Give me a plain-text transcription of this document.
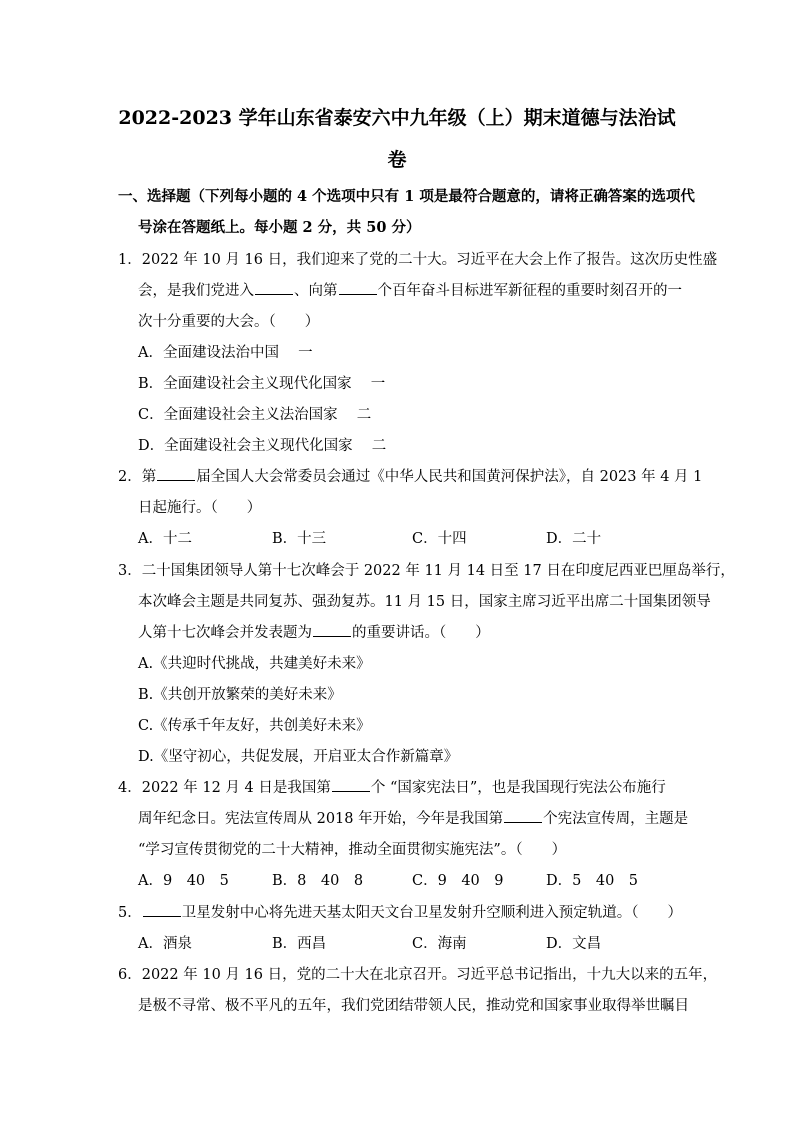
2022-2023 学年山东省泰安六中九年级（上）期末道德与法治试
卷
一、选择题（下列每小题的 4 个选项中只有 1 项是最符合题意的，请将正确答案的选项代
号涂在答题纸上。每小题 2 分，共 50 分）
1．2022 年 10 月 16 日，我们迎来了党的二十大。习近平在大会上作了报告。这次历史性盛
会，是我们党进入	、向第	个百年奋斗目标进军新征程的重要时刻召开的一
次十分重要的大会。（　　）
A．全面建设法治中国　 一
B．全面建设社会主义现代化国家　 一
C．全面建设社会主义法治国家　 二
D．全面建设社会主义现代化国家　 二
2．第	届全国人大会常委员会通过《中华人民共和国黄河保护法》，自 2023 年 4 月 1
日起施行。（　　）
A．十二	B．十三	C．十四	D．二十
3．二十国集团领导人第十七次峰会于 2022 年 11 月 14 日至 17 日在印度尼西亚巴厘岛举行，
本次峰会主题是共同复苏、强劲复苏。11 月 15 日，国家主席习近平出席二十国集团领导
人第十七次峰会并发表题为	的重要讲话。（　　）
A.《共迎时代挑战，共建美好未来》
B.《共创开放繁荣的美好未来》
C.《传承千年友好，共创美好未来》
D.《坚守初心，共促发展，开启亚太合作新篇章》
4．2022 年 12 月 4 日是我国第	个 “国家宪法日”，也是我国现行宪法公布施行
周年纪念日。宪法宣传周从 2018 年开始，今年是我国第	个宪法宣传周，主题是
“学习宣传贯彻党的二十大精神，推动全面贯彻实施宪法”。（　　）
A．9　40　5	B．8　40　8	C．9　40　9	D．5　40　5
5．	卫星发射中心将先进天基太阳天文台卫星发射升空顺利进入预定轨道。（　　）
A．酒泉	B．西昌	C．海南	D．文昌
6．2022 年 10 月 16 日，党的二十大在北京召开。习近平总书记指出，十九大以来的五年，
是极不寻常、极不平凡的五年，我们党团结带领人民，推动党和国家事业取得举世瞩目
